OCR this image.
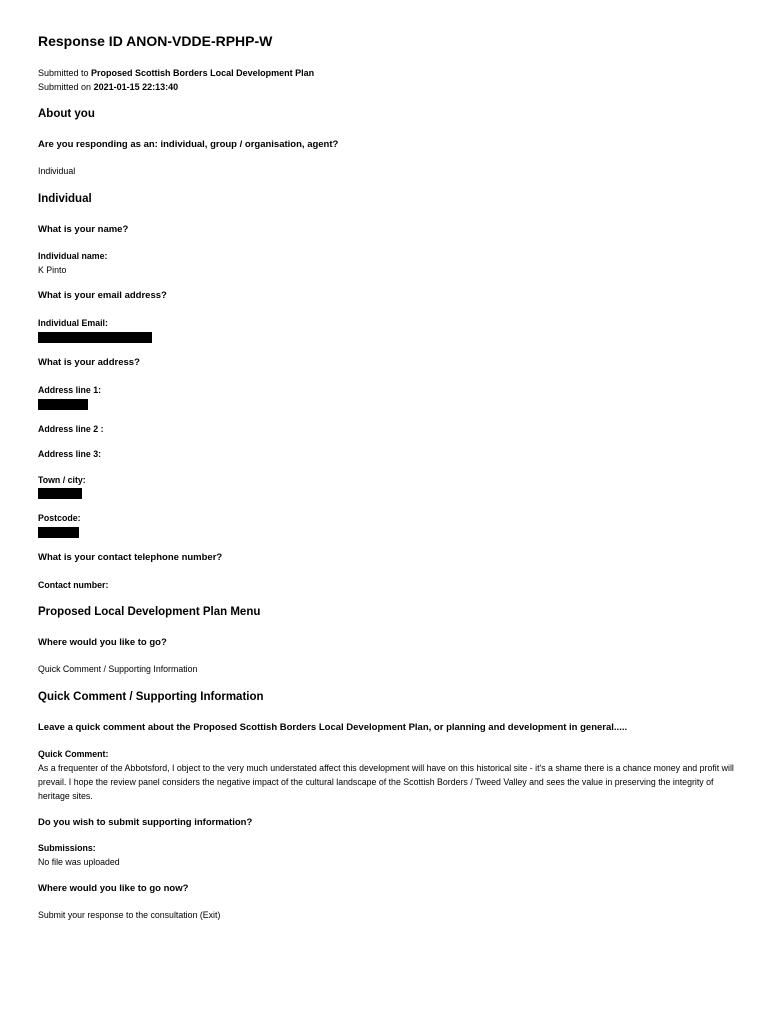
Response ID ANON-VDDE-RPHP-W
Submitted to Proposed Scottish Borders Local Development Plan
Submitted on 2021-01-15 22:13:40
About you
Are you responding as an: individual, group / organisation, agent?
Individual
Individual
What is your name?
Individual name:
K Pinto
What is your email address?
Individual Email:
What is your address?
Address line 1:
Address line 2 :
Address line 3:
Town / city:
Postcode:
What is your contact telephone number?
Contact number:
Proposed Local Development Plan Menu
Where would you like to go?
Quick Comment / Supporting Information
Quick Comment / Supporting Information
Leave a quick comment about the Proposed Scottish Borders Local Development Plan, or planning and development in general.....
Quick Comment:
As a frequenter of the Abbotsford, I object to the very much understated affect this development will have on this historical site - it's a shame there is a chance money and profit will prevail. I hope the review panel considers the negative impact of the cultural landscape of the Scottish Borders / Tweed Valley and sees the value in preserving the integrity of heritage sites.
Do you wish to submit supporting information?
Submissions:
No file was uploaded
Where would you like to go now?
Submit your response to the consultation (Exit)
